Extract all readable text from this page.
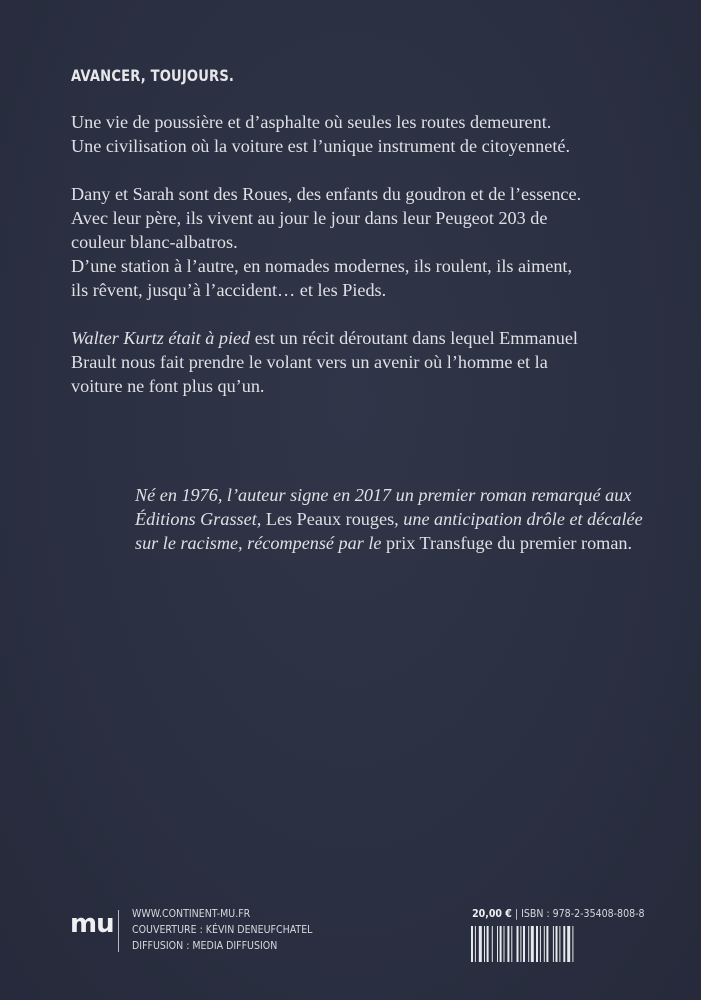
AVANCER, TOUJOURS.

Une vie de poussière et d’asphalte où seules les routes demeurent.

Une civilisation où la voiture est l’unique instrument de citoyenneté.

Dany et Sarah sont des Roues, des enfants du goudron et de l’essence.

Avec leur père, ils vivent au jour le jour dans leur Peugeot 203 de

couleur blanc-albatros.

D’une station à l’autre, en nomades modernes, ils roulent, ils aiment,

ils rêvent, jusqu’à l’accident… et les Pieds.

Walter Kurtz était à pied est un récit déroutant dans lequel Emmanuel

Brault nous fait prendre le volant vers un avenir où l’homme et la

voiture ne font plus qu’un.

Né en 1976, l’auteur signe en 2017 un premier roman remarqué aux Éditions Grasset, Les Peaux rouges, une anticipation drôle et décalée sur le racisme, récompensé par le prix Transfuge du premier roman.

mu WWW.CONTINENT-MU.FR
COUVERTURE : KÉVIN DENEUFCHATEL
DIFFUSION : MEDIA DIFFUSION
20,00 € | ISBN : 978-2-35408-808-8
